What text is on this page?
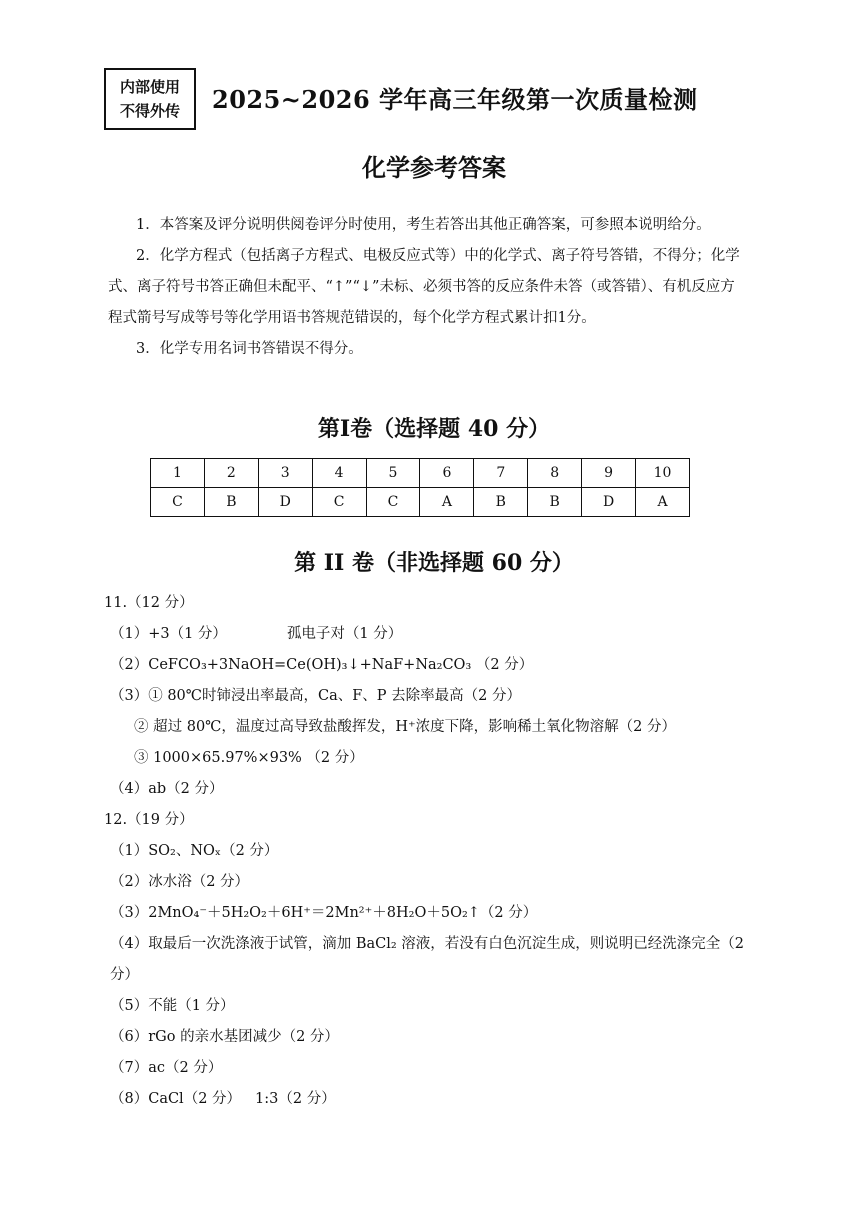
内部使用
不得外传 2025~2026 学年高三年级第一次质量检测
化学参考答案

1．本答案及评分说明供阅卷评分时使用，考生若答出其他正确答案，可参照本说明给分。

2．化学方程式（包括离子方程式、电极反应式等）中的化学式、离子符号答错，不得分；化学式、离子符号书答正确但未配平、“↑”“↓”未标、必须书答的反应条件未答（或答错）、有机反应方程式箭号写成等号等化学用语书答规范错误的，每个化学方程式累计扣1分。

3．化学专用名词书答错误不得分。

第I卷（选择题 40 分）
1	2	3	4	5	6	7	8	9	10
C	B	D	C	C	A	B	B	D	A
第 II 卷（非选择题 60 分）
11.（12 分）
（1）+3（1 分）	孤电子对（1 分）
（2）CeFCO₃+3NaOH=Ce(OH)₃↓+NaF+Na₂CO₃ （2 分）
（3）① 80℃时铈浸出率最高，Ca、F、P 去除率最高（2 分）
② 超过 80℃，温度过高导致盐酸挥发，H⁺浓度下降，影响稀土氧化物溶解（2 分）
③ 1000×65.97%×93% （2 分）
（4）ab（2 分）
12.（19 分）
（1）SO₂、NOₓ（2 分）
（2）冰水浴（2 分）
（3）2MnO₄⁻＋5H₂O₂＋6H⁺＝2Mn²⁺＋8H₂O＋5O₂↑（2 分）
（4）取最后一次洗涤液于试管，滴加 BaCl₂ 溶液，若没有白色沉淀生成，则说明已经洗涤完全（2 分）
（5）不能（1 分）
（6）rGo 的亲水基团减少（2 分）
（7）ac（2 分）
（8）CaCl（2 分） 1:3（2 分）
